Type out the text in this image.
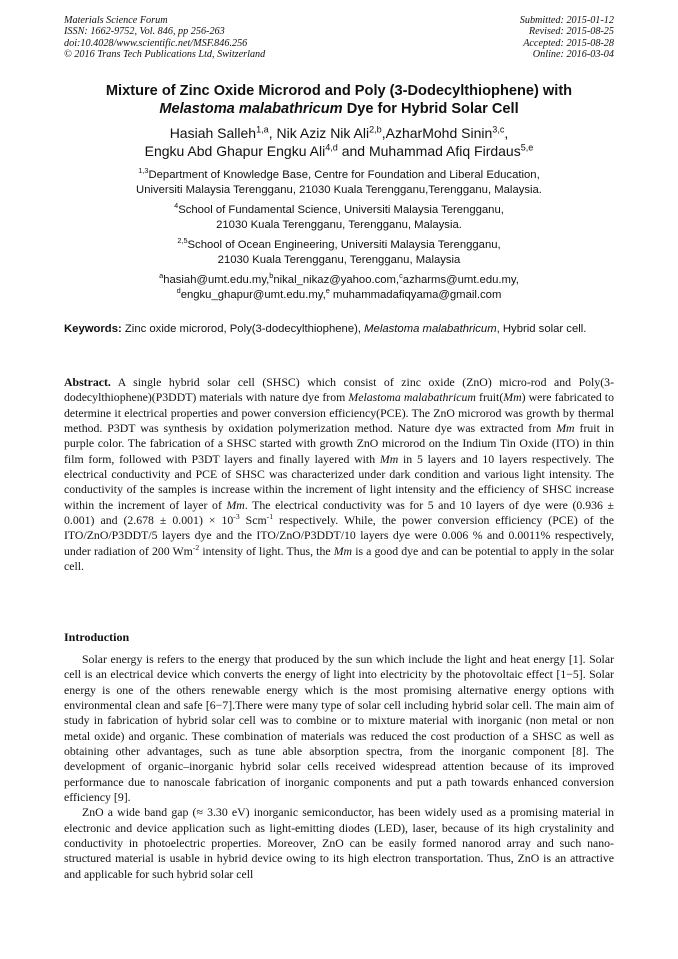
Materials Science Forum
ISSN: 1662-9752, Vol. 846, pp 256-263
doi:10.4028/www.scientific.net/MSF.846.256
© 2016 Trans Tech Publications Ltd, Switzerland
Submitted: 2015-01-12
Revised: 2015-08-25
Accepted: 2015-08-28
Online: 2016-03-04
Mixture of Zinc Oxide Microrod and Poly (3-Dodecylthiophene) with
Melastoma malabathricum Dye for Hybrid Solar Cell
Hasiah Salleh$^{1,a}$, Nik Aziz Nik Ali$^{2,b}$,AzharMohd Sinin$^{3,c}$,
Engku Abd Ghapur Engku Ali$^{4,d}$ and Muhammad Afiq Firdaus$^{5,e}$
$^{1,3}$Department of Knowledge Base, Centre for Foundation and Liberal Education,
Universiti Malaysia Terengganu, 21030 Kuala Terengganu,Terengganu, Malaysia.
$^4$School of Fundamental Science, Universiti Malaysia Terengganu,
21030 Kuala Terengganu, Terengganu, Malaysia.
$^{2,5}$School of Ocean Engineering, Universiti Malaysia Terengganu,
21030 Kuala Terengganu, Terengganu, Malaysia
$^a$hasiah@umt.edu.my,$^b$nikal_nikaz@yahoo.com,$^c$azharms@umt.edu.my,
$^d$engku_ghapur@umt.edu.my,$^e$ muhammadafiqyama@gmail.com
Keywords: Zinc oxide microrod, Poly(3-dodecylthiophene), Melastoma malabathricum, Hybrid solar cell.
Abstract. A single hybrid solar cell (SHSC) which consist of zinc oxide (ZnO) micro-rod and Poly(3-dodecylthiophene)(P3DDT) materials with nature dye from Melastoma malabathricum fruit(Mm) were fabricated to determine it electrical properties and power conversion efficiency(PCE). The ZnO microrod was growth by thermal method. P3DT was synthesis by oxidation polymerization method. Nature dye was extracted from Mm fruit in purple color. The fabrication of a SHSC started with growth ZnO microrod on the Indium Tin Oxide (ITO) in thin film form, followed with P3DT layers and finally layered with Mm in 5 layers and 10 layers respectively. The electrical conductivity and PCE of SHSC was characterized under dark condition and various light intensity. The conductivity of the samples is increase within the increment of light intensity and the efficiency of SHSC increase within the increment of layer of Mm. The electrical conductivity was for 5 and 10 layers of dye were (0.936 ± 0.001) and $(2.678 \pm 0.001) \times 10^{-3}$ Scm$^{-1}$ respectively. While, the power conversion efficiency (PCE) of the ITO/ZnO/P3DDT/5 layers dye and the ITO/ZnO/P3DDT/10 layers dye were 0.006 % and 0.0011% respectively, under radiation of 200 $Wm^{-2}$ intensity of light. Thus, the Mm is a good dye and can be potential to apply in the solar cell.
Introduction

Solar energy is refers to the energy that produced by the sun which include the light and heat energy [1]. Solar cell is an electrical device which converts the energy of light into electricity by the photovoltaic effect [1−5]. Solar energy is one of the others renewable energy which is the most promising alternative energy options with environmental clean and safe [6−7].There were many type of solar cell including hybrid solar cell. The main aim of study in fabrication of hybrid solar cell was to combine or to mixture material with inorganic (non metal or non metal oxide) and organic. These combination of materials was reduced the cost production of a SHSC as well as obtaining other advantages, such as tune able absorption spectra, from the inorganic component [8]. The development of organic–inorganic hybrid solar cells received widespread attention because of its improved performance due to nanoscale fabrication of inorganic components and put a path towards enhanced conversion efficiency [9].

ZnO a wide band gap (≈ 3.30 eV) inorganic semiconductor, has been widely used as a promising material in electronic and device application such as light-emitting diodes (LED), laser, because of its high crystalinity and conductivity in photoelectric properties. Moreover, ZnO can be easily formed nanorod array and such nano- structured material is usable in hybrid device owing to its high electron transportation. Thus, ZnO is an attractive and applicable for such hybrid solar cell
